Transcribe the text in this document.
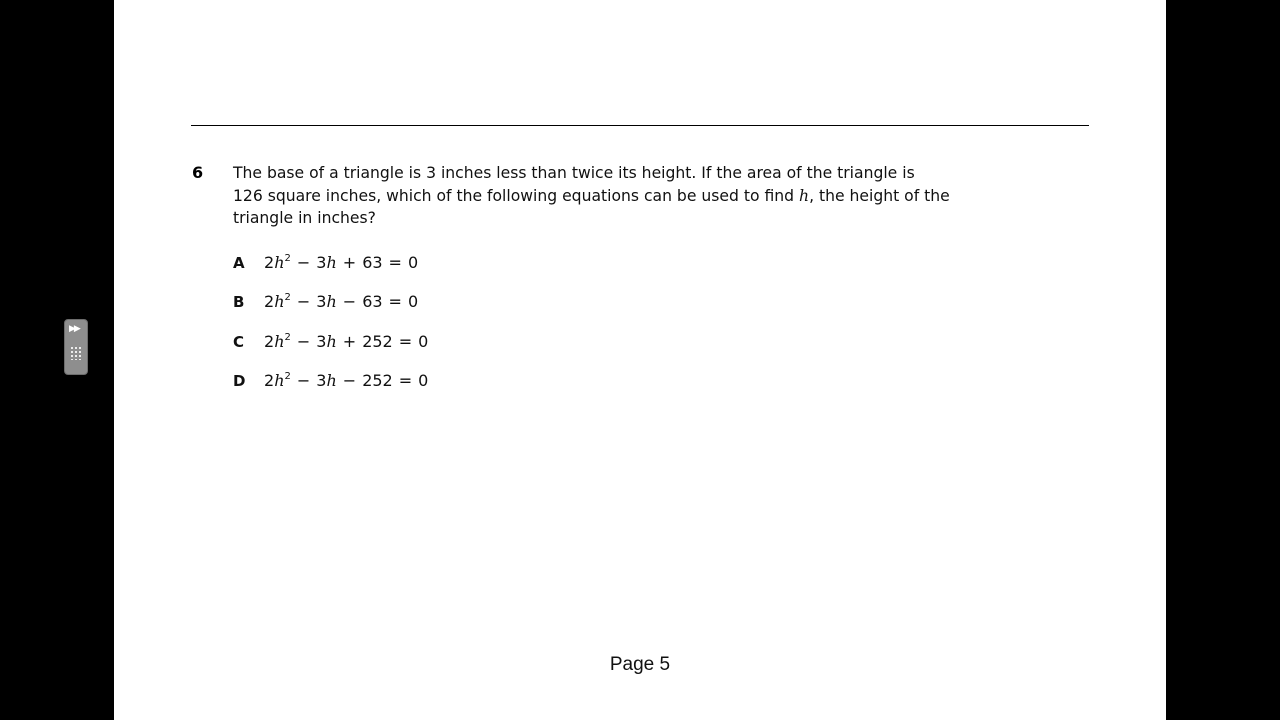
▶▶
6 The base of a triangle is 3 inches less than twice its height. If the area of the triangle is
126 square inches, which of the following equations can be used to find h, the height of the
triangle in inches?
A $2h^2 - 3h + 63 = 0$
B $2h^2 - 3h - 63 = 0$
C $2h^2 - 3h + 252 = 0$
D $2h^2 - 3h - 252 = 0$
Page 5
